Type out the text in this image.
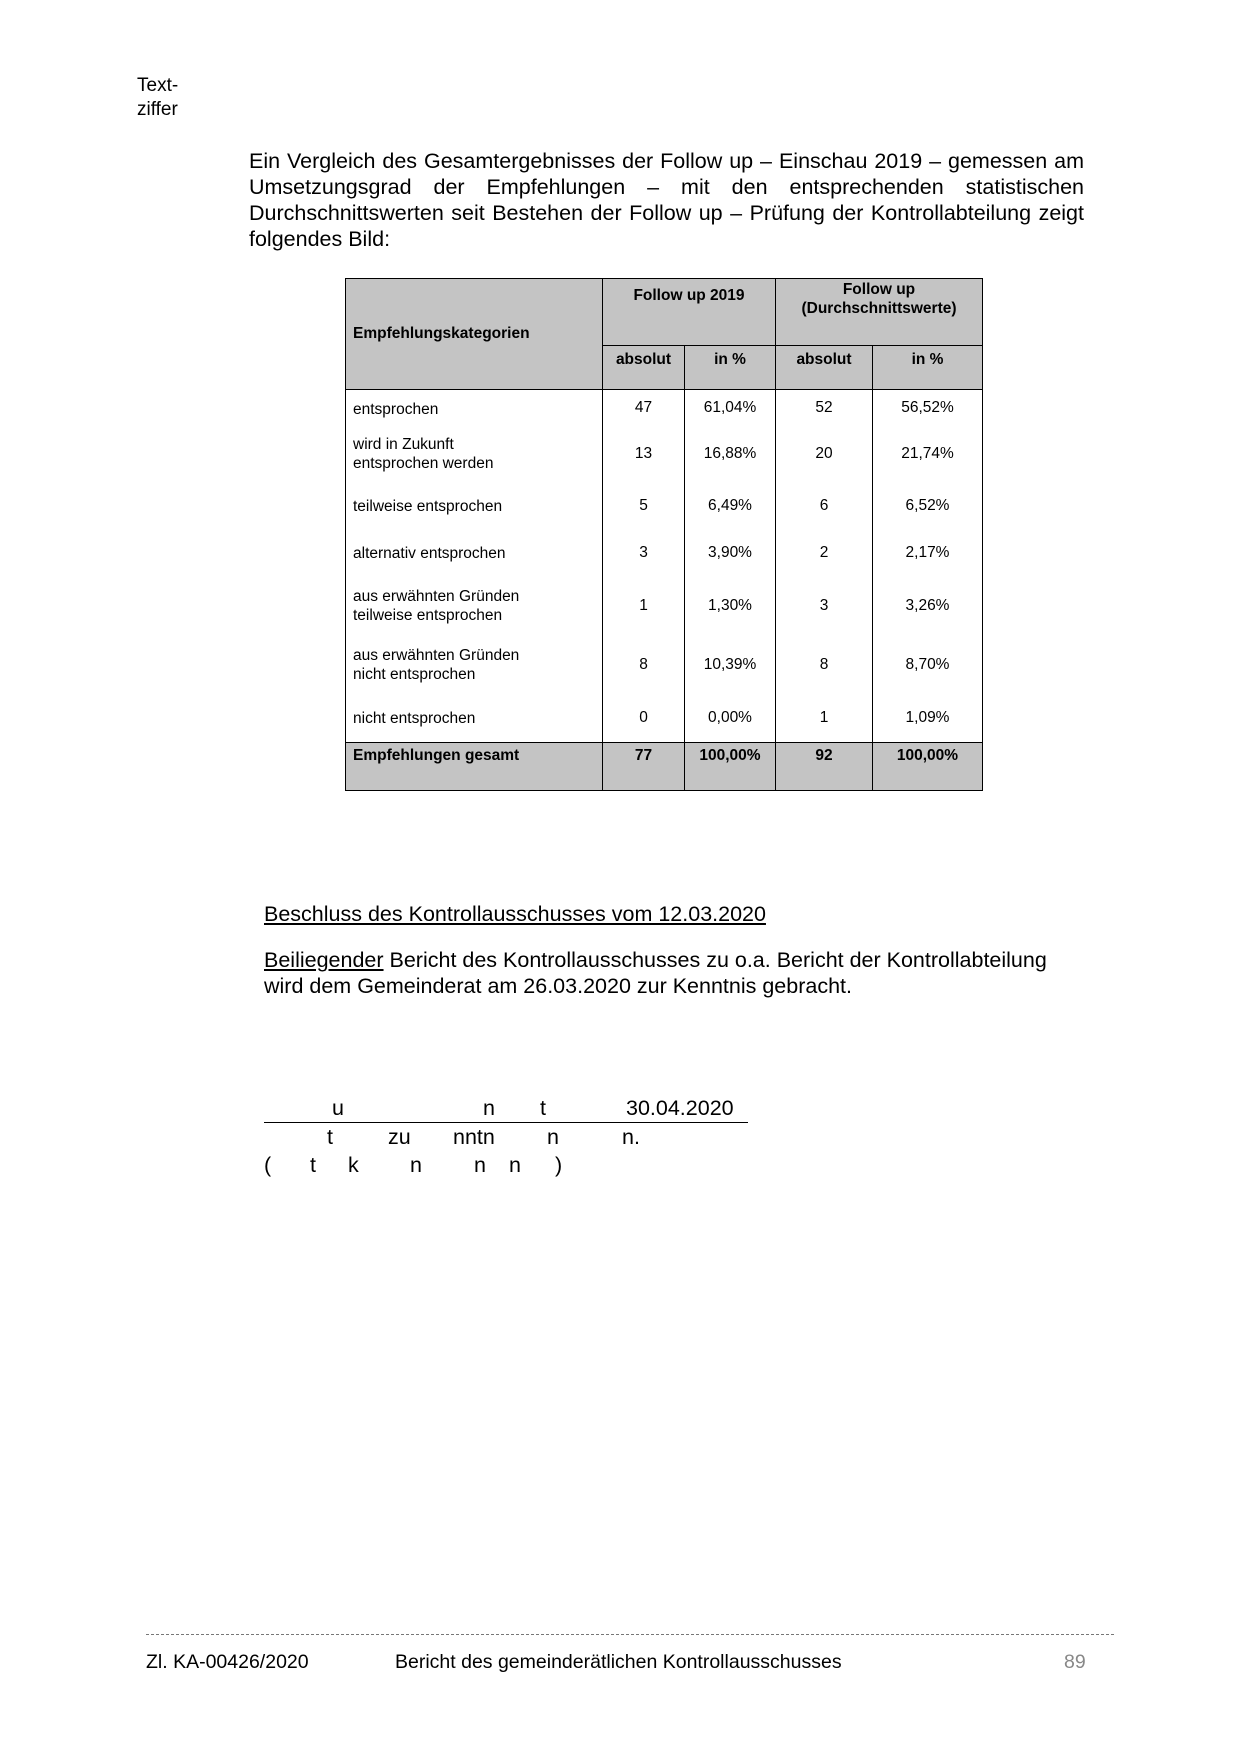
Text-
ziffer

Ein Vergleich des Gesamtergebnisses der Follow up – Einschau 2019 – gemessen am Umsetzungsgrad der Empfehlungen – mit den entsprechenden statistischen Durchschnittswerten seit Bestehen der Follow up – Prüfung der Kontrollabteilung zeigt folgendes Bild:

Empfehlungskategorien	Follow up 2019		Follow up
(Durchschnittswerte)	

	absolut	in %	absolut	in %
entsprochen	47	61,04%	52	56,52%

wird in Zukunft
entsprochen werden	13	16,88%	20	21,74%
teilweise entsprochen	5	6,49%	6	6,52%
alternativ entsprochen	3	3,90%	2	2,17%

aus erwähnten Gründen
teilweise entsprochen	1	1,30%	3	3,26%

aus erwähnten Gründen
nicht entsprochen	8	10,39%	8	8,70%
nicht entsprochen	0	0,00%	1	1,09%
Empfehlungen gesamt	77	100,00%	92	100,00%
Beschluss des Kontrollausschusses vom 12.03.2020
Beiliegender Bericht des Kontrollausschusses zu o.a. Bericht der Kontrollabteilung wird dem Gemeinderat am 26.03.2020 zur Kenntnis gebracht.
u	n t	30.04.2020
t	zu nntn n	n.
( t k n n n )
Zl. KA-00426/2020	Bericht des gemeinderätlichen Kontrollausschusses	89
